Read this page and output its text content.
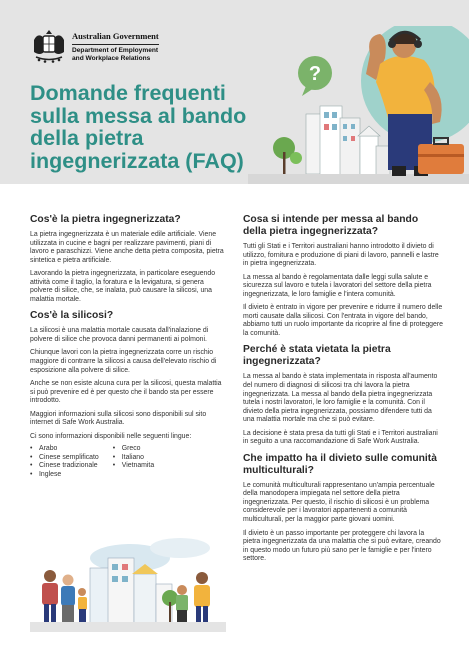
Australian Government
Department of Employment
and Workplace Relations
Domande frequenti sulla messa al bando della pietra ingegnerizzata (FAQ)
?
Cos'è la pietra ingegnerizzata?

La pietra ingegnerizzata è un materiale edile artificiale. Viene utilizzata in cucine e bagni per realizzare pavimenti, piani di lavoro e paraschizzi. Viene anche detta pietra composita, pietra sintetica e pietra artificiale.

Lavorando la pietra ingegnerizzata, in particolare eseguendo attività come il taglio, la foratura e la levigatura, si genera polvere di silice, che, se inalata, può causare la silicosi, una malattia mortale.

Cos'è la silicosi?

La silicosi è una malattia mortale causata dall'inalazione di polvere di silice che provoca danni permanenti ai polmoni.

Chiunque lavori con la pietra ingegnerizzata corre un rischio maggiore di contrarre la silicosi a causa dell'elevato rischio di esposizione alla polvere di silice.

Anche se non esiste alcuna cura per la silicosi, questa malattia si può prevenire ed è per questo che il bando sta per essere introdotto.

Maggiori informazioni sulla silicosi sono disponibili sul sito internet di Safe Work Australia.

Ci sono informazioni disponibili nelle seguenti lingue:

• Arabo
• Cinese semplificato
• Cinese tradizionale
• Inglese
• Greco
• Italiano
• Vietnamita
Cosa si intende per messa al bando della pietra ingegnerizzata?

Tutti gli Stati e i Territori australiani hanno introdotto il divieto di utilizzo, fornitura e produzione di piani di lavoro, pannelli e lastre in pietra ingegnerizzata.

La messa al bando è regolamentata dalle leggi sulla salute e sicurezza sul lavoro e tutela i lavoratori del settore della pietra ingegnerizzata, le loro famiglie e l'intera comunità.

Il divieto è entrato in vigore per prevenire e ridurre il numero delle morti causate dalla silicosi. Con l'entrata in vigore del bando, abbiamo tutti un ruolo importante da ricoprire al fine di proteggere la comunità.

Perché è stata vietata la pietra ingegnerizzata?

La messa al bando è stata implementata in risposta all'aumento del numero di diagnosi di silicosi tra chi lavora la pietra ingegnerizzata. La messa al bando della pietra ingegnerizzata tutela i nostri lavoratori, le loro famiglie e la comunità. Con il divieto della pietra ingegnerizzata, possiamo difendere tutti da una malattia mortale ma che si può evitare.

La decisione è stata presa da tutti gli Stati e i Territori australiani in seguito a una raccomandazione di Safe Work Australia.

Che impatto ha il divieto sulle comunità multiculturali?

Le comunità multiculturali rappresentano un'ampia percentuale della manodopera impiegata nel settore della pietra ingegnerizzata. Per questo, il rischio di silicosi è un problema considerevole per i lavoratori appartenenti a comunità multiculturali, per la maggior parte giovani uomini.

Il divieto è un passo importante per proteggere chi lavora la pietra ingegnerizzata da una malattia che si può evitare, creando in questo modo un futuro più sano per le famiglie e per l'intero settore.
